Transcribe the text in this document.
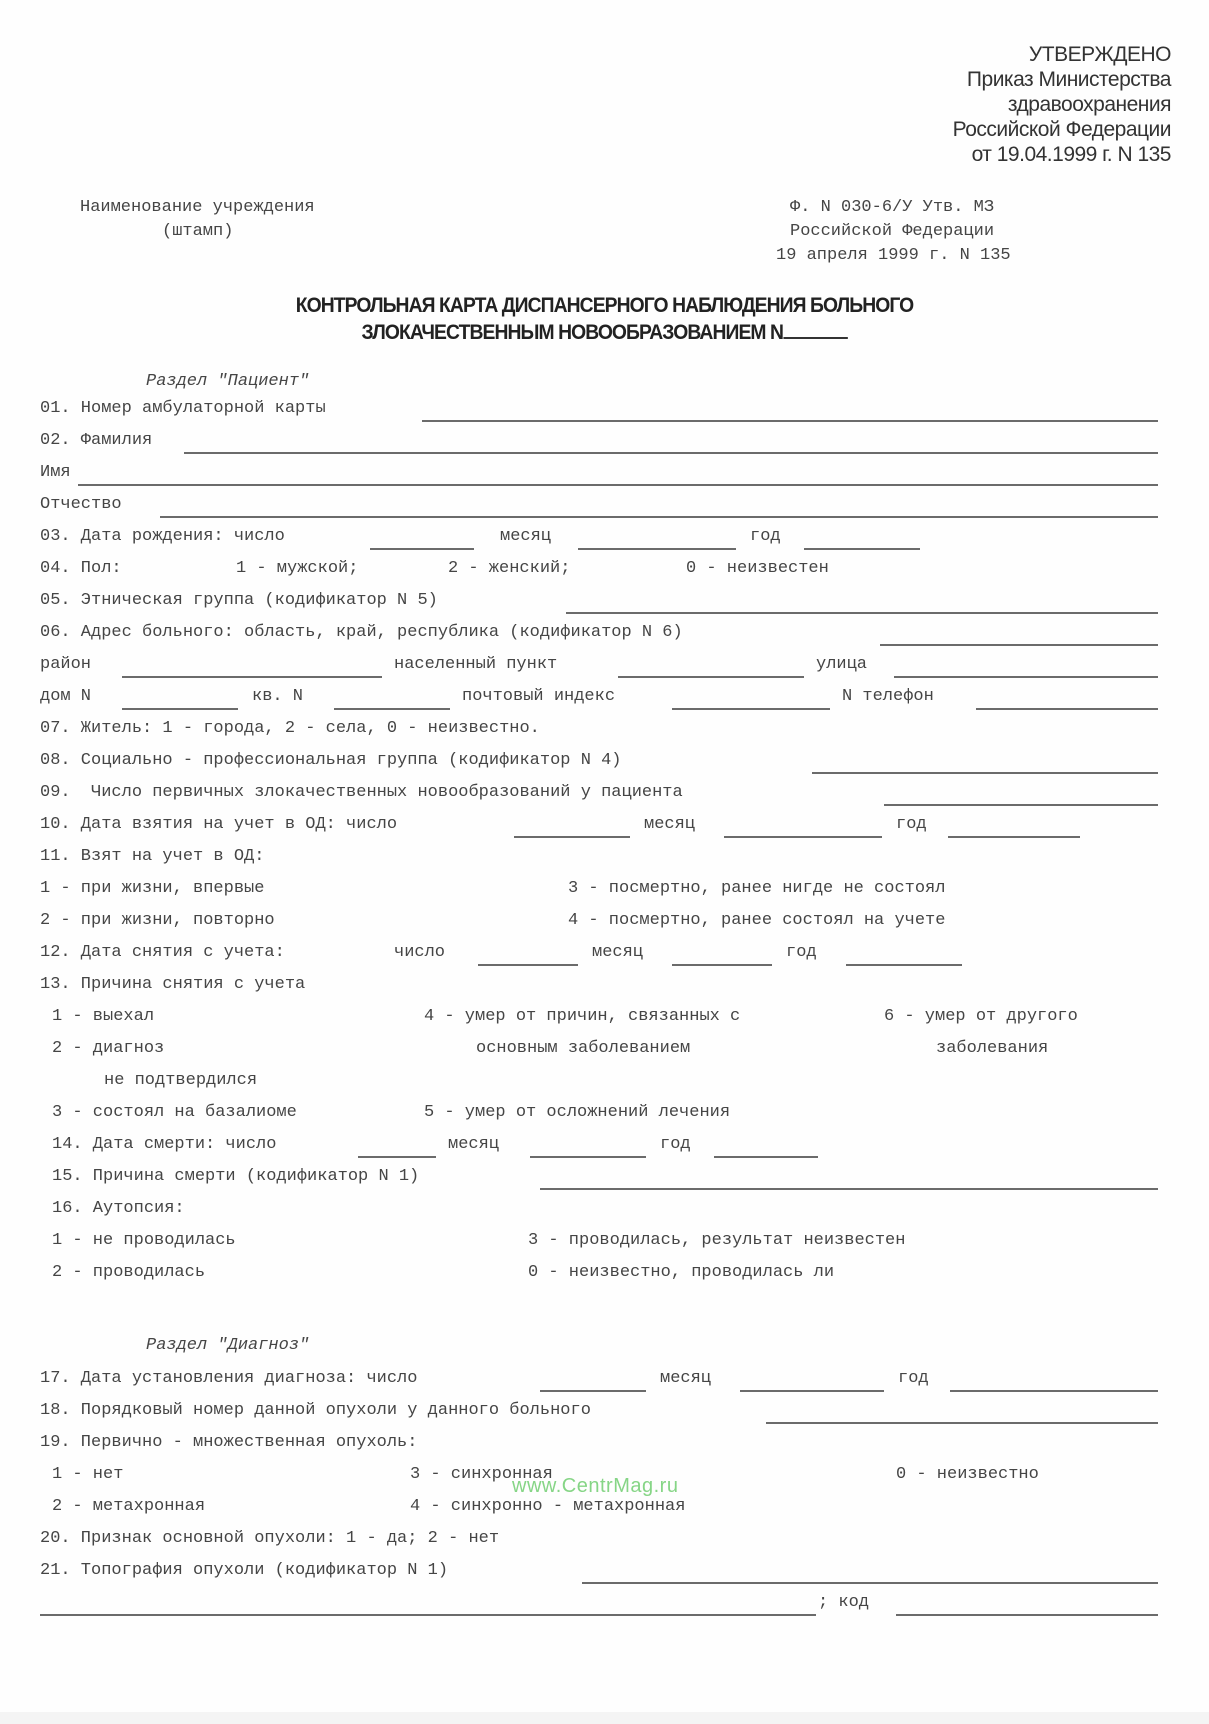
УТВЕРЖДЕНО
Приказ Министерства
здравоохранения
Российской Федерации
от 19.04.1999 г. N 135
Наименование учреждения
(штамп)
Ф. N 030-6/У Утв. МЗ
Российской Федерации
19 апреля 1999 г. N 135
КОНТРОЛЬНАЯ КАРТА ДИСПАНСЕРНОГО НАБЛЮДЕНИЯ БОЛЬНОГО
ЗЛОКАЧЕСТВЕННЫМ НОВООБРАЗОВАНИЕМ N
Раздел "Пациент"
01. Номер амбулаторной карты
02. Фамилия
Имя
Отчество
03. Дата рождения: число	месяц	год
04. Пол:	1 - мужской;	2 - женский;	0 - неизвестен
05. Этническая группа (кодификатор N 5)
06. Адрес больного: область, край, республика (кодификатор N 6)
район	населенный пункт	улица
дом N	кв. N	почтовый индекс	N телефон
07. Житель: 1 - города, 2 - села, 0 - неизвестно.
08. Социально - профессиональная группа (кодификатор N 4)
09.  Число первичных злокачественных новообразований у пациента
10. Дата взятия на учет в ОД: число	месяц	год
11. Взят на учет в ОД:
1 - при жизни, впервые	3 - посмертно, ранее нигде не состоял
2 - при жизни, повторно	4 - посмертно, ранее состоял на учете
12. Дата снятия с учета:	число	месяц	год
13. Причина снятия с учета
1 - выехал	4 - умер от причин, связанных с	6 - умер от другого
2 - диагноз	основным заболеванием	заболевания
не подтвердился
3 - состоял на базалиоме	5 - умер от осложнений лечения
14. Дата смерти: число	месяц	год
15. Причина смерти (кодификатор N 1)
16. Аутопсия:
1 - не проводилась	3 - проводилась, результат неизвестен
2 - проводилась	0 - неизвестно, проводилась ли
Раздел "Диагноз"
17. Дата установления диагноза: число	месяц	год
18. Порядковый номер данной опухоли у данного больного
19. Первично - множественная опухоль:
1 - нет	3 - синхронная	0 - неизвестно
2 - метахронная	4 - синхронно - метахронная
www.CentrMag.ru
20. Признак основной опухоли: 1 - да; 2 - нет
21. Топография опухоли (кодификатор N 1)
; код
